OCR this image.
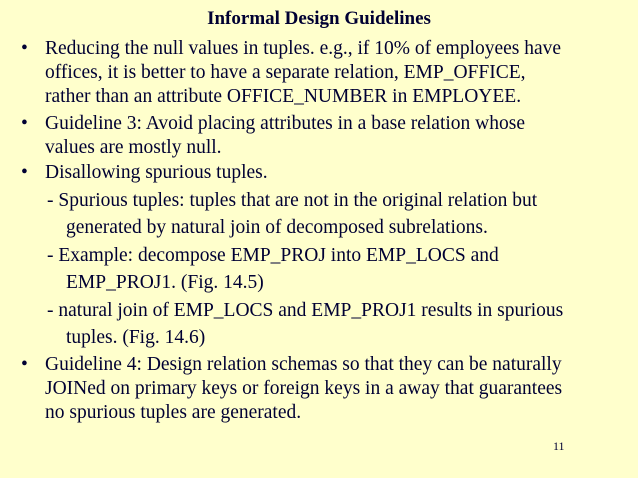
Informal Design Guidelines
• Reducing the null values in tuples. e.g., if 10% of employees have
offices, it is better to have a separate relation, EMP_OFFICE,
rather than an attribute OFFICE_NUMBER in EMPLOYEE.
• Guideline 3: Avoid placing attributes in a base relation whose
values are mostly null.
• Disallowing spurious tuples.
- Spurious tuples: tuples that are not in the original relation but
generated by natural join of decomposed subrelations.
- Example: decompose EMP_PROJ into EMP_LOCS and
EMP_PROJ1. (Fig. 14.5)
- natural join of EMP_LOCS and EMP_PROJ1 results in spurious
tuples. (Fig. 14.6)
• Guideline 4: Design relation schemas so that they can be naturally
JOINed on primary keys or foreign keys in a away that guarantees
no spurious tuples are generated.
11
